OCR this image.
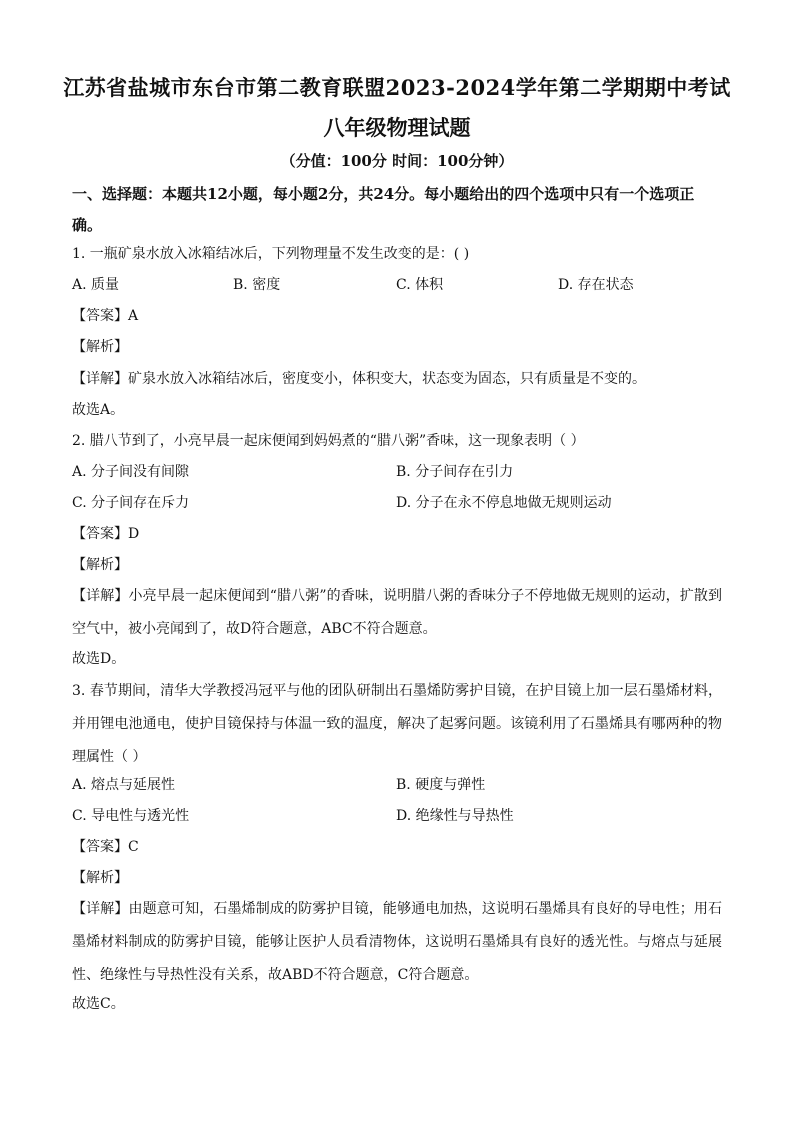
江苏省盐城市东台市第二教育联盟2023-2024学年第二学期期中考试
八年级物理试题
（分值：100分 时间：100分钟）
一、选择题：本题共12小题，每小题2分，共24分。每小题给出的四个选项中只有一个选项正确。
1. 一瓶矿泉水放入冰箱结冰后，下列物理量不发生改变的是：( )
A. 质量	B. 密度	C. 体积	D. 存在状态
【答案】A
【解析】
【详解】矿泉水放入冰箱结冰后，密度变小，体积变大，状态变为固态，只有质量是不变的。
故选A。
2. 腊八节到了，小亮早晨一起床便闻到妈妈煮的“腊八粥”香味，这一现象表明（ ）
A. 分子间没有间隙	B. 分子间存在引力
C. 分子间存在斥力	D. 分子在永不停息地做无规则运动
【答案】D
【解析】
【详解】小亮早晨一起床便闻到“腊八粥”的香味，说明腊八粥的香味分子不停地做无规则的运动，扩散到空气中，被小亮闻到了，故D符合题意，ABC不符合题意。
故选D。
3. 春节期间，清华大学教授冯冠平与他的团队研制出石墨烯防雾护目镜，在护目镜上加一层石墨烯材料，并用锂电池通电，使护目镜保持与体温一致的温度，解决了起雾问题。该镜利用了石墨烯具有哪两种的物理属性（ ）
A. 熔点与延展性	B. 硬度与弹性
C. 导电性与透光性	D. 绝缘性与导热性
【答案】C
【解析】
【详解】由题意可知，石墨烯制成的防雾护目镜，能够通电加热，这说明石墨烯具有良好的导电性；用石墨烯材料制成的防雾护目镜，能够让医护人员看清物体，这说明石墨烯具有良好的透光性。与熔点与延展性、绝缘性与导热性没有关系，故ABD不符合题意，C符合题意。
故选C。
